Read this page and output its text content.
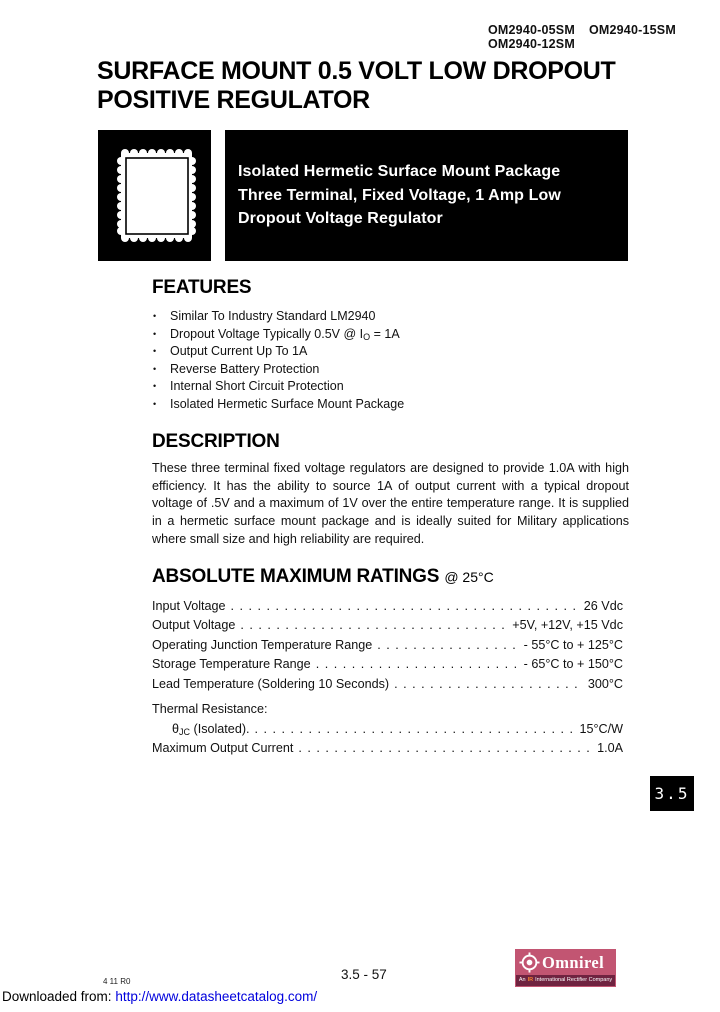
OM2940-05SM OM2940-15SM
OM2940-12SM
SURFACE MOUNT 0.5 VOLT LOW DROPOUT
POSITIVE REGULATOR
Isolated Hermetic Surface Mount Package
Three Terminal, Fixed Voltage, 1 Amp Low
Dropout Voltage Regulator
FEATURES
•	Similar To Industry Standard LM2940
•	Dropout Voltage Typically 0.5V @ $I_O = 1A$
•	Output Current Up To 1A
•	Reverse Battery Protection
•	Internal Short Circuit Protection
•	Isolated Hermetic Surface Mount Package
DESCRIPTION
These three terminal fixed voltage regulators are designed to provide 1.0A with high efficiency. It has the ability to source 1A of output current with a typical dropout voltage of .5V and a maximum of 1V over the entire temperature range. It is supplied in a hermetic surface mount package and is ideally suited for Military applications where small size and high reliability are required.
ABSOLUTE MAXIMUM RATINGS @ 25°C
Input Voltage . . .	26 Vdc
Output Voltage . . .	+5V, +12V, +15 Vdc
Operating Junction Temperature Range . . .	- 55°C to + 125°C
Storage Temperature Range . . .	- 65°C to + 150°C
Lead Temperature (Soldering 10 Seconds) . . .	300°C
Thermal Resistance:
$\theta_{JC}$ (Isolated). . . .	15°C/W
Maximum Output Current . . .	1.0A
3.5
4 11 R0	3.5 - 57
Omnirel
An IR International Rectifier Company
Downloaded from: http://www.datasheetcatalog.com/
